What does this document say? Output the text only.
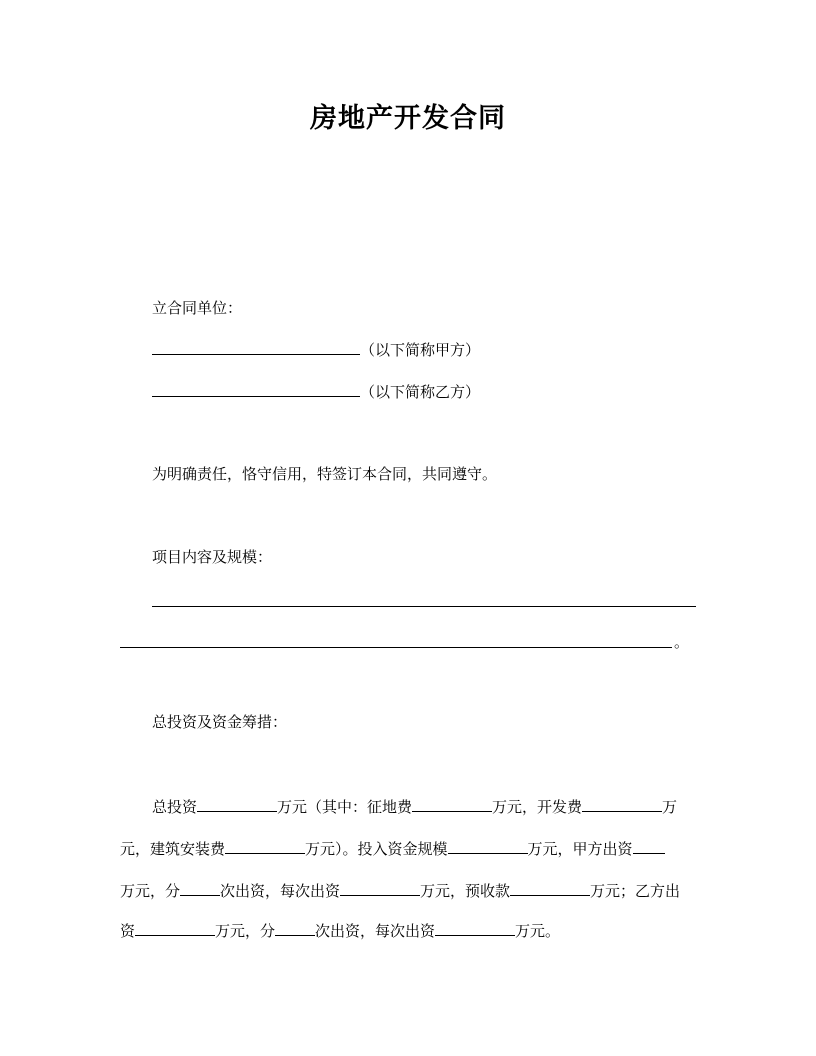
房地产开发合同
立合同单位：
（以下简称甲方）
（以下简称乙方）
为明确责任，恪守信用，特签订本合同，共同遵守。
项目内容及规模：
。
总投资及资金筹措：
总投资	万元（其中：征地费	万元，开发费	万
元，建筑安装费	万元）。投入资金规模	万元，甲方出资
万元，分	次出资，每次出资	万元，预收款	万元；乙方出
资	万元，分	次出资，每次出资	万元。
